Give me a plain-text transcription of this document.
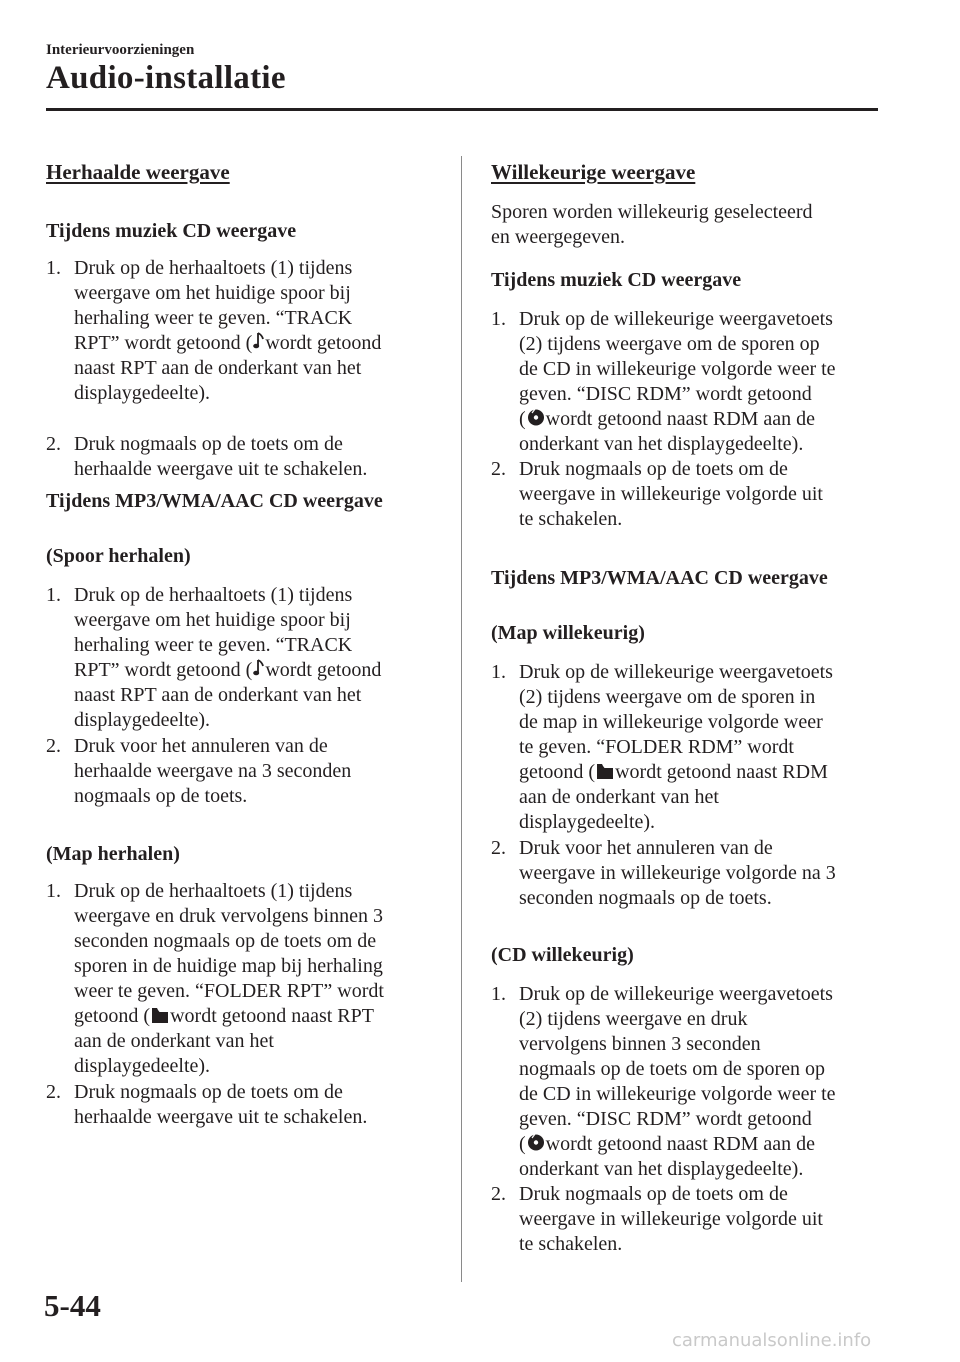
Interieurvoorzieningen
Audio-installatie
Herhaalde weergave
Tijdens muziek CD weergave
1. Druk op de herhaaltoets (1) tijdens
weergave om het huidige spoor bij
herhaling weer te geven. “TRACK
RPT” wordt getoond ( wordt getoond
naast RPT aan de onderkant van het
displaygedeelte).
2. Druk nogmaals op de toets om de
herhaalde weergave uit te schakelen.
Tijdens MP3/WMA/AAC CD weergave
(Spoor herhalen)
1. Druk op de herhaaltoets (1) tijdens
weergave om het huidige spoor bij
herhaling weer te geven. “TRACK
RPT” wordt getoond ( wordt getoond
naast RPT aan de onderkant van het
displaygedeelte).
2. Druk voor het annuleren van de
herhaalde weergave na 3 seconden
nogmaals op de toets.
(Map herhalen)
1. Druk op de herhaaltoets (1) tijdens
weergave en druk vervolgens binnen 3
seconden nogmaals op de toets om de
sporen in de huidige map bij herhaling
weer te geven. “FOLDER RPT” wordt
getoond ( wordt getoond naast RPT
aan de onderkant van het
displaygedeelte).
2. Druk nogmaals op de toets om de
herhaalde weergave uit te schakelen.
Willekeurige weergave
Sporen worden willekeurig geselecteerd
en weergegeven.
Tijdens muziek CD weergave
1. Druk op de willekeurige weergavetoets
(2) tijdens weergave om de sporen op
de CD in willekeurige volgorde weer te
geven. “DISC RDM” wordt getoond
( wordt getoond naast RDM aan de
onderkant van het displaygedeelte).
2. Druk nogmaals op de toets om de
weergave in willekeurige volgorde uit
te schakelen.
Tijdens MP3/WMA/AAC CD weergave
(Map willekeurig)
1. Druk op de willekeurige weergavetoets
(2) tijdens weergave om de sporen in
de map in willekeurige volgorde weer
te geven. “FOLDER RDM” wordt
getoond ( wordt getoond naast RDM
aan de onderkant van het
displaygedeelte).
2. Druk voor het annuleren van de
weergave in willekeurige volgorde na 3
seconden nogmaals op de toets.
(CD willekeurig)
1. Druk op de willekeurige weergavetoets
(2) tijdens weergave en druk
vervolgens binnen 3 seconden
nogmaals op de toets om de sporen op
de CD in willekeurige volgorde weer te
geven. “DISC RDM” wordt getoond
( wordt getoond naast RDM aan de
onderkant van het displaygedeelte).
2. Druk nogmaals op de toets om de
weergave in willekeurige volgorde uit
te schakelen.
5-44
carmanualsonline.info
